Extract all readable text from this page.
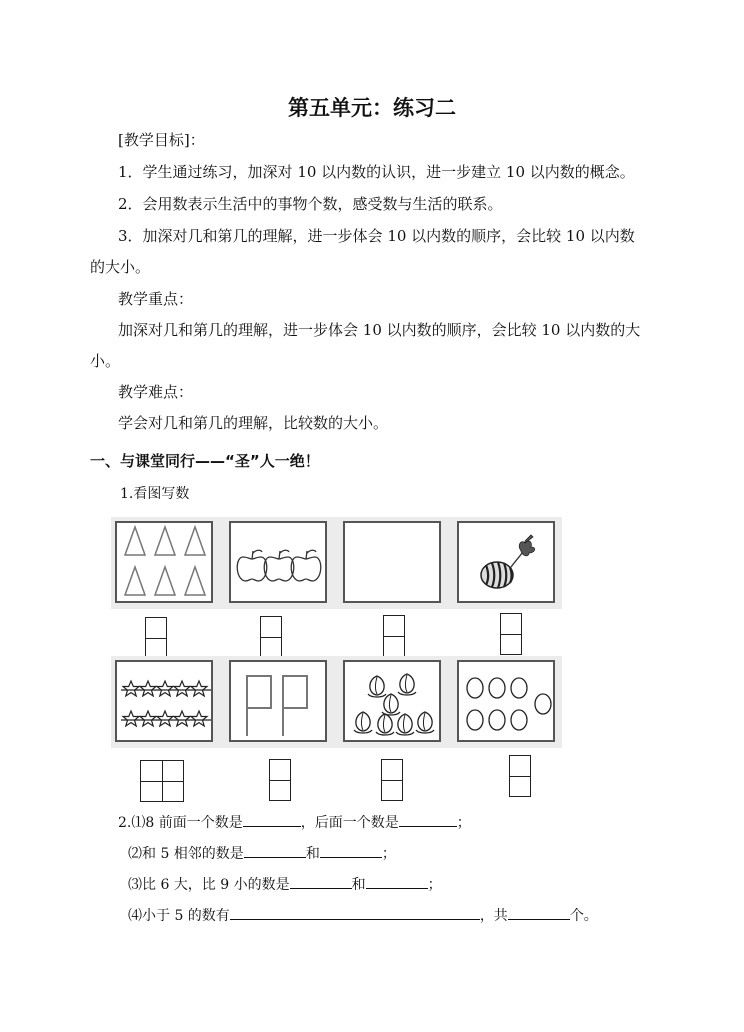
第五单元：练习二
[教学目标]：
1．学生通过练习，加深对 10 以内数的认识，进一步建立 10 以内数的概念。
2．会用数表示生活中的事物个数，感受数与生活的联系。
3．加深对几和第几的理解，进一步体会 10 以内数的顺序，会比较 10 以内数
的大小。
教学重点：
加深对几和第几的理解，进一步体会 10 以内数的顺序，会比较 10 以内数的大
小。
教学难点：
学会对几和第几的理解，比较数的大小。
一、与课堂同行——“圣”人一绝！
1.看图写数
2.⑴8 前面一个数是	，后面一个数是	；
⑵和 5 相邻的数是	和	；
⑶比 6 大，比 9 小的数是	和	；
⑷小于 5 的数有	，共	个。
